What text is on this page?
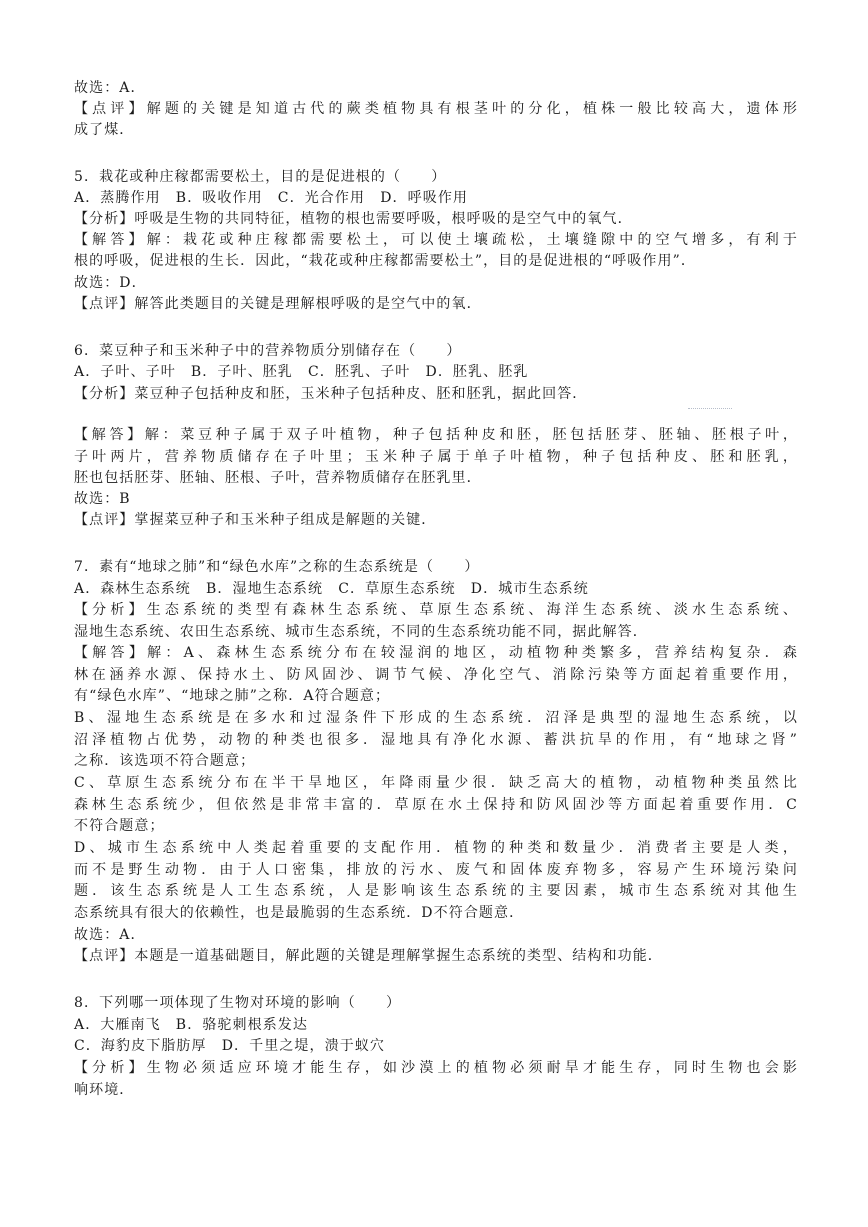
故选：A．
【点评】解题的关键是知道古代的蕨类植物具有根茎叶的分化，植株一般比较高大，遗体形
成了煤．
5．栽花或种庄稼都需要松土，目的是促进根的（　　）
A．蒸腾作用　B．吸收作用　C．光合作用　D．呼吸作用
【分析】呼吸是生物的共同特征，植物的根也需要呼吸，根呼吸的是空气中的氧气．
【解答】解：栽花或种庄稼都需要松土，可以使土壤疏松，土壤缝隙中的空气增多，有利于
根的呼吸，促进根的生长．因此，“栽花或种庄稼都需要松土”，目的是促进根的“呼吸作用”．
故选：D．
【点评】解答此类题目的关键是理解根呼吸的是空气中的氧．
6．菜豆种子和玉米种子中的营养物质分别储存在（　　）
A．子叶、子叶　B．子叶、胚乳　C．胚乳、子叶　D．胚乳、胚乳
【分析】菜豆种子包括种皮和胚，玉米种子包括种皮、胚和胚乳，据此回答．
【解答】解：菜豆种子属于双子叶植物，种子包括种皮和胚，胚包括胚芽、胚轴、胚根子叶，
子叶两片，营养物质储存在子叶里；玉米种子属于单子叶植物，种子包括种皮、胚和胚乳，
胚也包括胚芽、胚轴、胚根、子叶，营养物质储存在胚乳里．
故选：B
【点评】掌握菜豆种子和玉米种子组成是解题的关键．
7．素有“地球之肺”和“绿色水库”之称的生态系统是（　　）
A．森林生态系统　B．湿地生态系统　C．草原生态系统　D．城市生态系统
【分析】生态系统的类型有森林生态系统、草原生态系统、海洋生态系统、淡水生态系统、
湿地生态系统、农田生态系统、城市生态系统，不同的生态系统功能不同，据此解答．
【解答】解：A、森林生态系统分布在较湿润的地区，动植物种类繁多，营养结构复杂．森
林在涵养水源、保持水土、防风固沙、调节气候、净化空气、消除污染等方面起着重要作用，
有“绿色水库”、“地球之肺”之称．A符合题意；
B、湿地生态系统是在多水和过湿条件下形成的生态系统．沼泽是典型的湿地生态系统，以
沼泽植物占优势，动物的种类也很多．湿地具有净化水源、蓄洪抗旱的作用，有“地球之肾”
之称．该选项不符合题意；
C、草原生态系统分布在半干旱地区，年降雨量少很．缺乏高大的植物，动植物种类虽然比
森林生态系统少，但依然是非常丰富的．草原在水土保持和防风固沙等方面起着重要作用．C
不符合题意；
D、城市生态系统中人类起着重要的支配作用．植物的种类和数量少．消费者主要是人类，
而不是野生动物．由于人口密集，排放的污水、废气和固体废弃物多，容易产生环境污染问
题．该生态系统是人工生态系统，人是影响该生态系统的主要因素，城市生态系统对其他生
态系统具有很大的依赖性，也是最脆弱的生态系统．D不符合题意．
故选：A．
【点评】本题是一道基础题目，解此题的关键是理解掌握生态系统的类型、结构和功能．
8．下列哪一项体现了生物对环境的影响（　　）
A．大雁南飞　B．骆驼刺根系发达
C．海豹皮下脂肪厚　D．千里之堤，溃于蚁穴
【分析】生物必须适应环境才能生存，如沙漠上的植物必须耐旱才能生存，同时生物也会影
响环境．
